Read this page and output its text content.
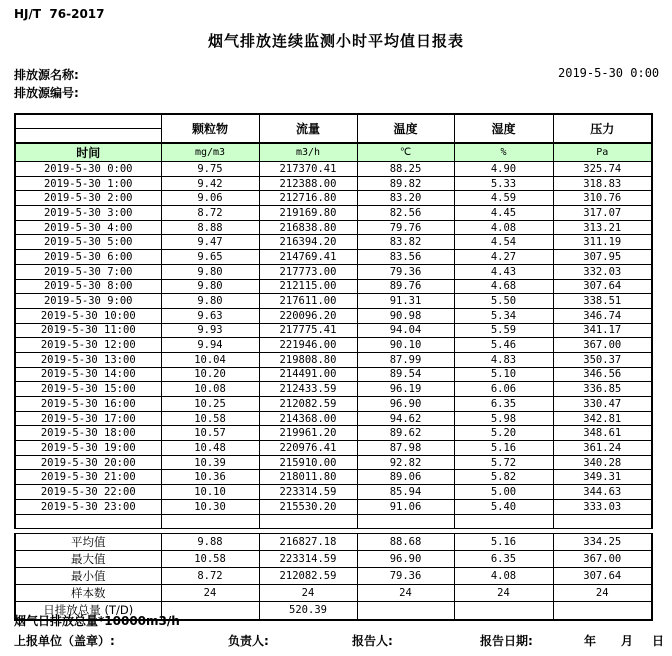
HJ/T  76-2017
烟气排放连续监测小时平均值日报表
排放源名称:	2019-5-30 0:00
排放源编号:
	颗粒物	流量	温度	湿度	压力

时间	mg/m3	m3/h	℃	%	Pa
2019-5-30 0:00	9.75	217370.41	88.25	4.90	325.74
2019-5-30 1:00	9.42	212388.00	89.82	5.33	318.83
2019-5-30 2:00	9.06	212716.80	83.20	4.59	310.76
2019-5-30 3:00	8.72	219169.80	82.56	4.45	317.07
2019-5-30 4:00	8.88	216838.80	79.76	4.08	313.21
2019-5-30 5:00	9.47	216394.20	83.82	4.54	311.19
2019-5-30 6:00	9.65	214769.41	83.56	4.27	307.95
2019-5-30 7:00	9.80	217773.00	79.36	4.43	332.03
2019-5-30 8:00	9.80	212115.00	89.76	4.68	307.64
2019-5-30 9:00	9.80	217611.00	91.31	5.50	338.51
2019-5-30 10:00	9.63	220096.20	90.98	5.34	346.74
2019-5-30 11:00	9.93	217775.41	94.04	5.59	341.17
2019-5-30 12:00	9.94	221946.00	90.10	5.46	367.00
2019-5-30 13:00	10.04	219808.80	87.99	4.83	350.37
2019-5-30 14:00	10.20	214491.00	89.54	5.10	346.56
2019-5-30 15:00	10.08	212433.59	96.19	6.06	336.85
2019-5-30 16:00	10.25	212082.59	96.90	6.35	330.47
2019-5-30 17:00	10.58	214368.00	94.62	5.98	342.81
2019-5-30 18:00	10.57	219961.20	89.62	5.20	348.61
2019-5-30 19:00	10.48	220976.41	87.98	5.16	361.24
2019-5-30 20:00	10.39	215910.00	92.82	5.72	340.28
2019-5-30 21:00	10.36	218011.80	89.06	5.82	349.31
2019-5-30 22:00	10.10	223314.59	85.94	5.00	344.63
2019-5-30 23:00	10.30	215530.20	91.06	5.40	333.03

平均值	9.88	216827.18	88.68	5.16	334.25
最大值	10.58	223314.59	96.90	6.35	367.00
最小值	8.72	212082.59	79.36	4.08	307.64
样本数	24	24	24	24	24
日排放总量 (T/D)		520.39			
烟气日排放总量*10000m3/h
上报单位（盖章）:	负责人:	报告人:	报告日期:	年 月 日
